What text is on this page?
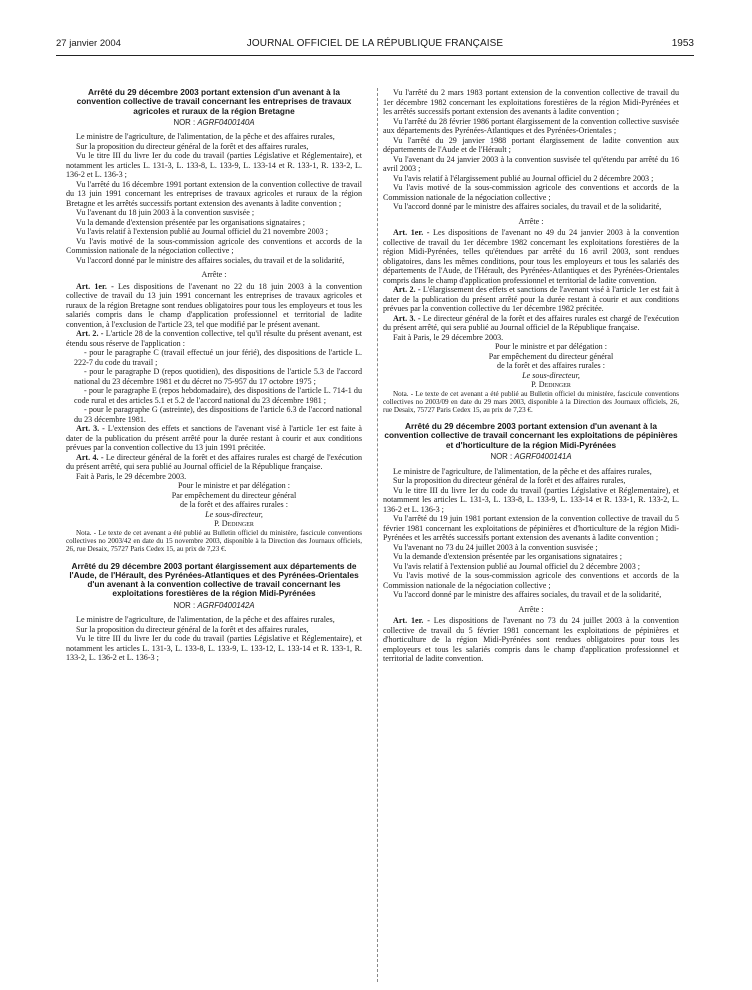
27 janvier 2004	JOURNAL OFFICIEL DE LA RÉPUBLIQUE FRANÇAISE	1953
Arrêté du 29 décembre 2003 portant extension d'un avenant à la convention collective de travail concernant les entreprises de travaux agricoles et ruraux de la région Bretagne
NOR : AGRF0400140A

Le ministre de l'agriculture, de l'alimentation, de la pêche et des affaires rurales,

Sur la proposition du directeur général de la forêt et des affaires rurales,

Vu le titre III du livre Ier du code du travail (parties Législative et Réglementaire), et notamment les articles L. 131-3, L. 133-8, L. 133-9, L. 133-14 et R. 133-1, R. 133-2, L. 136-2 et L. 136-3 ;

Vu l'arrêté du 16 décembre 1991 portant extension de la convention collective de travail du 13 juin 1991 concernant les entreprises de travaux agricoles et ruraux de la région Bretagne et les arrêtés successifs portant extension des avenants à ladite convention ;

Vu l'avenant du 18 juin 2003 à la convention susvisée ;

Vu la demande d'extension présentée par les organisations signataires ;

Vu l'avis relatif à l'extension publié au Journal officiel du 21 novembre 2003 ;

Vu l'avis motivé de la sous-commission agricole des conventions et accords de la Commission nationale de la négociation collective ;

Vu l'accord donné par le ministre des affaires sociales, du travail et de la solidarité,

Arrête :

Art. 1er. - Les dispositions de l'avenant no 22 du 18 juin 2003 à la convention collective de travail du 13 juin 1991 concernant les entreprises de travaux agricoles et ruraux de la région Bretagne sont rendues obligatoires pour tous les employeurs et tous les salariés compris dans le champ d'application professionnel et territorial de ladite convention, à l'exclusion de l'article 23, tel que modifié par le présent avenant.

Art. 2. - L'article 28 de la convention collective, tel qu'il résulte du présent avenant, est étendu sous réserve de l'application :

- pour le paragraphe C (travail effectué un jour férié), des dispositions de l'article L. 222-7 du code du travail ;

- pour le paragraphe D (repos quotidien), des dispositions de l'article 5.3 de l'accord national du 23 décembre 1981 et du décret no 75-957 du 17 octobre 1975 ;

- pour le paragraphe E (repos hebdomadaire), des dispositions de l'article L. 714-1 du code rural et des articles 5.1 et 5.2 de l'accord national du 23 décembre 1981 ;

- pour le paragraphe G (astreinte), des dispositions de l'article 6.3 de l'accord national du 23 décembre 1981.

Art. 3. - L'extension des effets et sanctions de l'avenant visé à l'article 1er est faite à dater de la publication du présent arrêté pour la durée restant à courir et aux conditions prévues par la convention collective du 13 juin 1991 précitée.

Art. 4. - Le directeur général de la forêt et des affaires rurales est chargé de l'exécution du présent arrêté, qui sera publié au Journal officiel de la République française.

Fait à Paris, le 29 décembre 2003.

Pour le ministre et par délégation :
Par empêchement du directeur général
de la forêt et des affaires rurales :
Le sous-directeur,
P. Dedinger

Nota. - Le texte de cet avenant a été publié au Bulletin officiel du ministère, fascicule conventions collectives no 2003/42 en date du 15 novembre 2003, disponible à la Direction des Journaux officiels, 26, rue Desaix, 75727 Paris Cedex 15, au prix de 7,23 €.

Arrêté du 29 décembre 2003 portant élargissement aux départements de l'Aude, de l'Hérault, des Pyrénées-Atlantiques et des Pyrénées-Orientales d'un avenant à la convention collective de travail concernant les exploitations forestières de la région Midi-Pyrénées
NOR : AGRF0400142A

Le ministre de l'agriculture, de l'alimentation, de la pêche et des affaires rurales,

Sur la proposition du directeur général de la forêt et des affaires rurales,

Vu le titre III du livre Ier du code du travail (parties Législative et Réglementaire), et notamment les articles L. 131-3, L. 133-8, L. 133-9, L. 133-12, L. 133-14 et R. 133-1, R. 133-2, L. 136-2 et L. 136-3 ;

Vu l'arrêté du 2 mars 1983 portant extension de la convention collective de travail du 1er décembre 1982 concernant les exploitations forestières de la région Midi-Pyrénées et les arrêtés successifs portant extension des avenants à ladite convention ;

Vu l'arrêté du 28 février 1986 portant élargissement de la convention collective susvisée aux départements des Pyrénées-Atlantiques et des Pyrénées-Orientales ;

Vu l'arrêté du 29 janvier 1988 portant élargissement de ladite convention aux départements de l'Aude et de l'Hérault ;

Vu l'avenant du 24 janvier 2003 à la convention susvisée tel qu'étendu par arrêté du 16 avril 2003 ;

Vu l'avis relatif à l'élargissement publié au Journal officiel du 2 décembre 2003 ;

Vu l'avis motivé de la sous-commission agricole des conventions et accords de la Commission nationale de la négociation collective ;

Vu l'accord donné par le ministre des affaires sociales, du travail et de la solidarité,

Arrête :

Art. 1er. - Les dispositions de l'avenant no 49 du 24 janvier 2003 à la convention collective de travail du 1er décembre 1982 concernant les exploitations forestières de la région Midi-Pyrénées, telles qu'étendues par arrêté du 16 avril 2003, sont rendues obligatoires, dans les mêmes conditions, pour tous les employeurs et tous les salariés des départements de l'Aude, de l'Hérault, des Pyrénées-Atlantiques et des Pyrénées-Orientales compris dans le champ d'application professionnel et territorial de ladite convention.

Art. 2. - L'élargissement des effets et sanctions de l'avenant visé à l'article 1er est fait à dater de la publication du présent arrêté pour la durée restant à courir et aux conditions prévues par la convention collective du 1er décembre 1982 précitée.

Art. 3. - Le directeur général de la forêt et des affaires rurales est chargé de l'exécution du présent arrêté, qui sera publié au Journal officiel de la République française.

Fait à Paris, le 29 décembre 2003.

Pour le ministre et par délégation :
Par empêchement du directeur général
de la forêt et des affaires rurales :
Le sous-directeur,
P. Dedinger

Nota. - Le texte de cet avenant a été publié au Bulletin officiel du ministère, fascicule conventions collectives no 2003/09 en date du 29 mars 2003, disponible à la Direction des Journaux officiels, 26, rue Desaix, 75727 Paris Cedex 15, au prix de 7,23 €.

Arrêté du 29 décembre 2003 portant extension d'un avenant à la convention collective de travail concernant les exploitations de pépinières et d'horticulture de la région Midi-Pyrénées
NOR : AGRF0400141A

Le ministre de l'agriculture, de l'alimentation, de la pêche et des affaires rurales,

Sur la proposition du directeur général de la forêt et des affaires rurales,

Vu le titre III du livre Ier du code du travail (parties Législative et Réglementaire), et notamment les articles L. 131-3, L. 133-8, L. 133-9, L. 133-14 et R. 133-1, R. 133-2, L. 136-2 et L. 136-3 ;

Vu l'arrêté du 19 juin 1981 portant extension de la convention collective de travail du 5 février 1981 concernant les exploitations de pépinières et d'horticulture de la région Midi-Pyrénées et les arrêtés successifs portant extension des avenants à ladite convention ;

Vu l'avenant no 73 du 24 juillet 2003 à la convention susvisée ;

Vu la demande d'extension présentée par les organisations signataires ;

Vu l'avis relatif à l'extension publié au Journal officiel du 2 décembre 2003 ;

Vu l'avis motivé de la sous-commission agricole des conventions et accords de la Commission nationale de la négociation collective ;

Vu l'accord donné par le ministre des affaires sociales, du travail et de la solidarité,

Arrête :

Art. 1er. - Les dispositions de l'avenant no 73 du 24 juillet 2003 à la convention collective de travail du 5 février 1981 concernant les exploitations de pépinières et d'horticulture de la région Midi-Pyrénées sont rendues obligatoires pour tous les employeurs et tous les salariés compris dans le champ d'application professionnel et territorial de ladite convention.
